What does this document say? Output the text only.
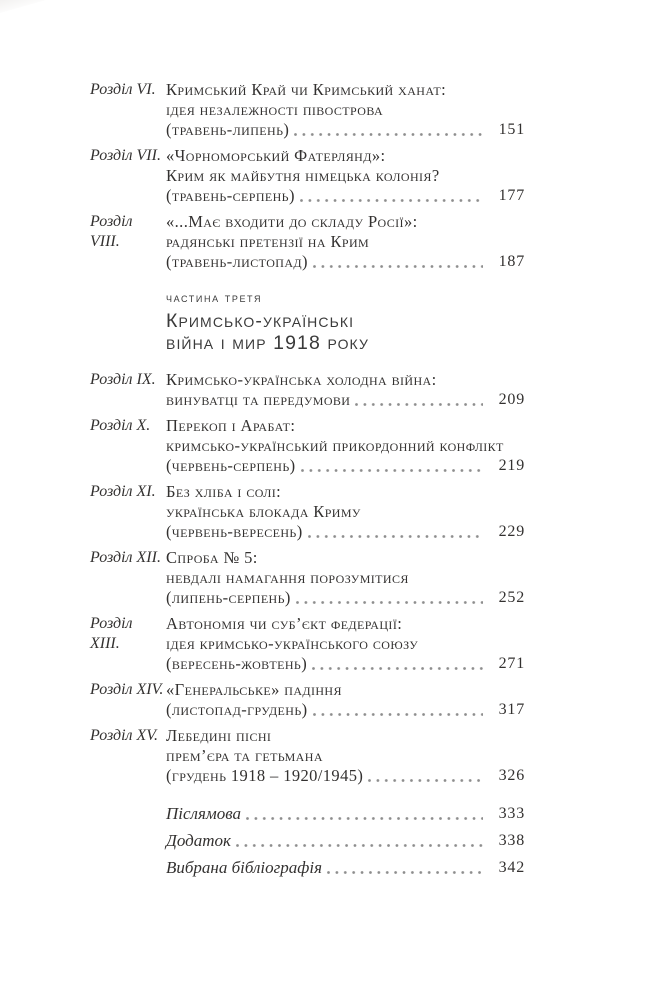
Розділ VI. Кримський Край чи Кримський ханат:
ідея незалежності півострова
(травень-липень)	151
Розділ VII. «Чорноморський Фатерлянд»:
Крим як майбутня німецька колонія?
(травень-серпень)	177
Розділ VIII.
«...Має входити до складу Росії»:
радянські претензії на Крим
(травень-листопад)	187
частина третя
Кримсько-українські
війна і мир 1918 року
Розділ IX. Кримсько-українська холодна війна:
винуватці та передумови	209
Розділ X. Перекоп і Арабат:
кримсько-український прикордонний конфлікт
(червень-серпень)	219
Розділ XI. Без хліба і солі:
українська блокада Криму
(червень-вересень)	229
Розділ XII. Спроба № 5:
невдалі намагання порозумітися
(липень-серпень)	252
Розділ XIII.
Автономія чи суб’єкт федерації:
ідея кримсько-українського союзу
(вересень-жовтень)	271
Розділ XIV. «Генеральське» падіння
(листопад-грудень)	317
Розділ XV. Лебедині пісні
прем’єра та гетьмана
(грудень 1918 – 1920/1945)	326
Післямова	333
Додаток	338
Вибрана бібліографія	342
